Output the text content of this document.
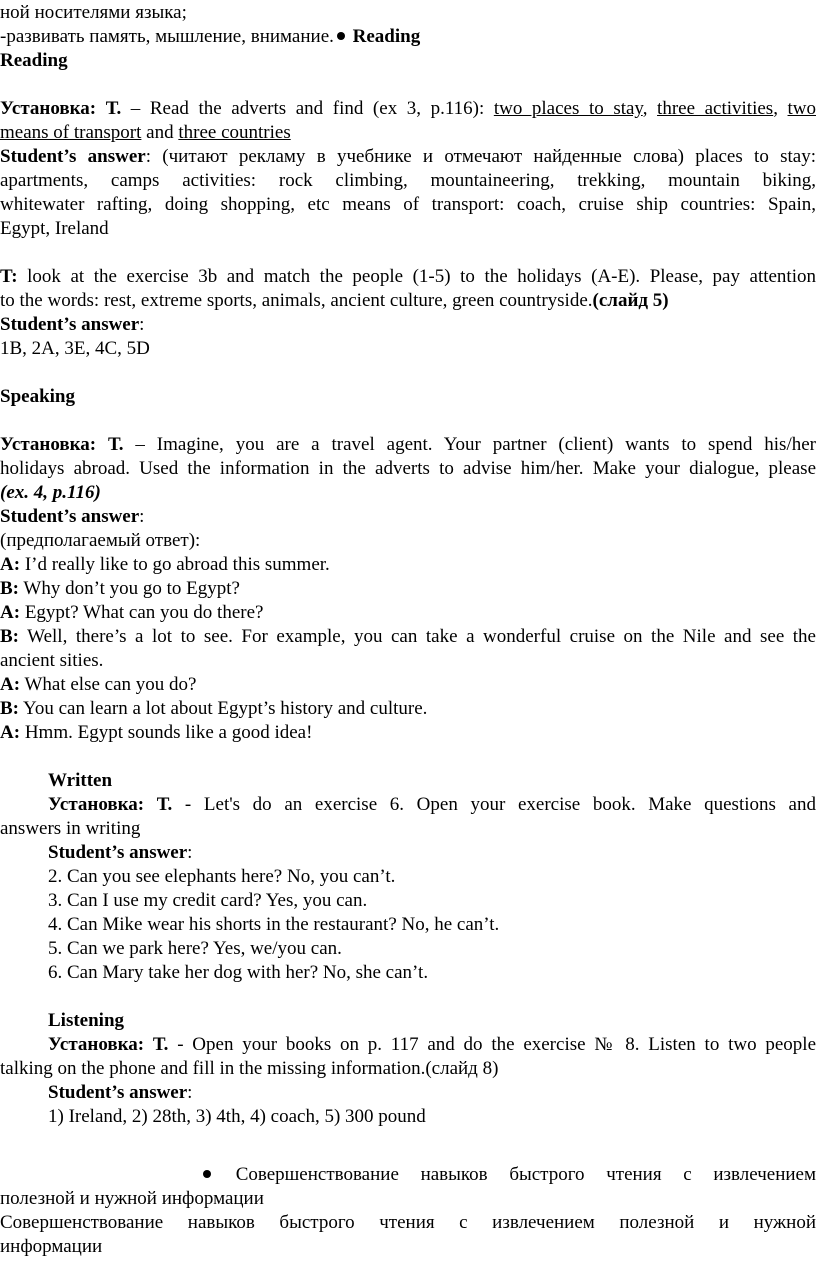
ной носителями языка;
-развивать память, мышление, внимание. Reading
Reading
Установка: Т. – Read the adverts and find (ex 3, p.116): two places to stay, three activities, two
means of transport and three countries
Student’s answer: (читают рекламу в учебнике и отмечают найденные слова) places to stay:
apartments, camps activities: rock climbing, mountaineering, trekking, mountain biking,
whitewater rafting, doing shopping, etc means of transport: coach, cruise ship countries: Spain,
Egypt, Ireland
T: look at the exercise 3b and match the people (1-5) to the holidays (A-E). Please, pay attention
to the words: rest, extreme sports, animals, ancient culture, green countryside.(слайд 5)
Student’s answer:
1B, 2A, 3E, 4C, 5D
Speaking
Установка: Т. – Imagine, you are a travel agent. Your partner (client) wants to spend his/her
holidays abroad. Used the information in the adverts to advise him/her. Make your dialogue, please
(ex. 4, p.116)
Student’s answer:
(предполагаемый ответ):
A: I’d really like to go abroad this summer.
B: Why don’t you go to Egypt?
A: Egypt? What can you do there?
B: Well, there’s a lot to see. For example, you can take a wonderful cruise on the Nile and see the
ancient sities.
A: What else can you do?
B: You can learn a lot about Egypt’s history and culture.
A: Hmm. Egypt sounds like a good idea!
Written
Установка: Т. - Let's do an exercise 6. Open your exercise book. Make questions and
answers in writing
Student’s answer:
2. Can you see elephants here? No, you can’t.
3. Can I use my credit card? Yes, you can.
4. Can Mike wear his shorts in the restaurant? No, he can’t.
5. Can we park here? Yes, we/you can.
6. Can Mary take her dog with her? No, she can’t.
Listening
Установка: Т. - Open your books on p. 117 and do the exercise № 8. Listen to two people
talking on the phone and fill in the missing information.(слайд 8)
Student’s answer:
1) Ireland, 2) 28th, 3) 4th, 4) coach, 5) 300 pound
Совершенствование навыков быстрого чтения с извлечением
полезной и нужной информации
Совершенствование навыков быстрого чтения с извлечением полезной и нужной
информации
